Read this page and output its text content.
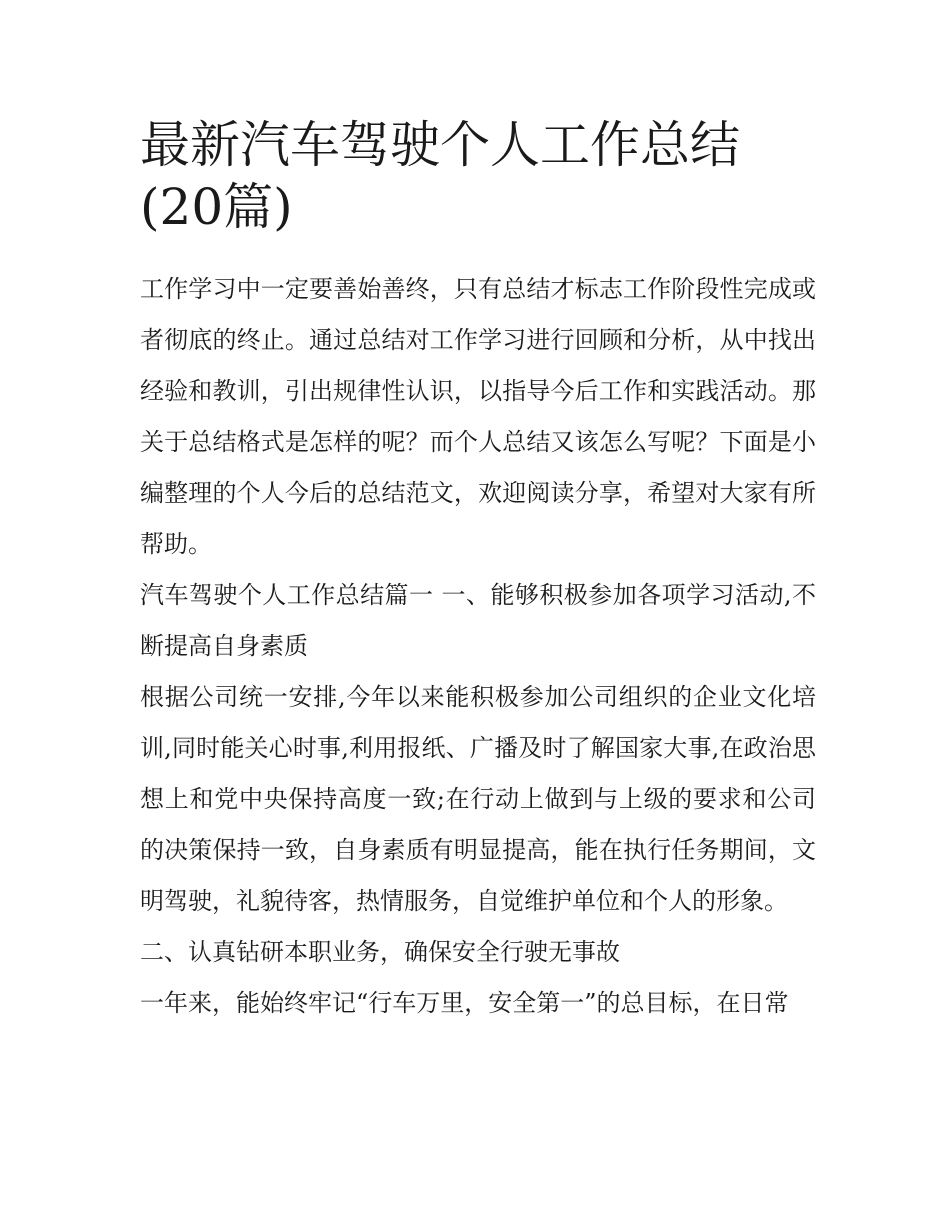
最新汽车驾驶个人工作总结(20篇)

工作学习中一定要善始善终，只有总结才标志工作阶段性完成或者彻底的终止。通过总结对工作学习进行回顾和分析，从中找出经验和教训，引出规律性认识，以指导今后工作和实践活动。那关于总结格式是怎样的呢？而个人总结又该怎么写呢？下面是小编整理的个人今后的总结范文，欢迎阅读分享，希望对大家有所帮助。

汽车驾驶个人工作总结篇一 一、能够积极参加各项学习活动,不断提高自身素质

根据公司统一安排,今年以来能积极参加公司组织的企业文化培训,同时能关心时事,利用报纸、广播及时了解国家大事,在政治思想上和党中央保持高度一致;在行动上做到与上级的要求和公司的决策保持一致，自身素质有明显提高，能在执行任务期间，文明驾驶，礼貌待客，热情服务，自觉维护单位和个人的形象。

二、认真钻研本职业务，确保安全行驶无事故

一年来，能始终牢记“行车万里，安全第一”的总目标，在日常
